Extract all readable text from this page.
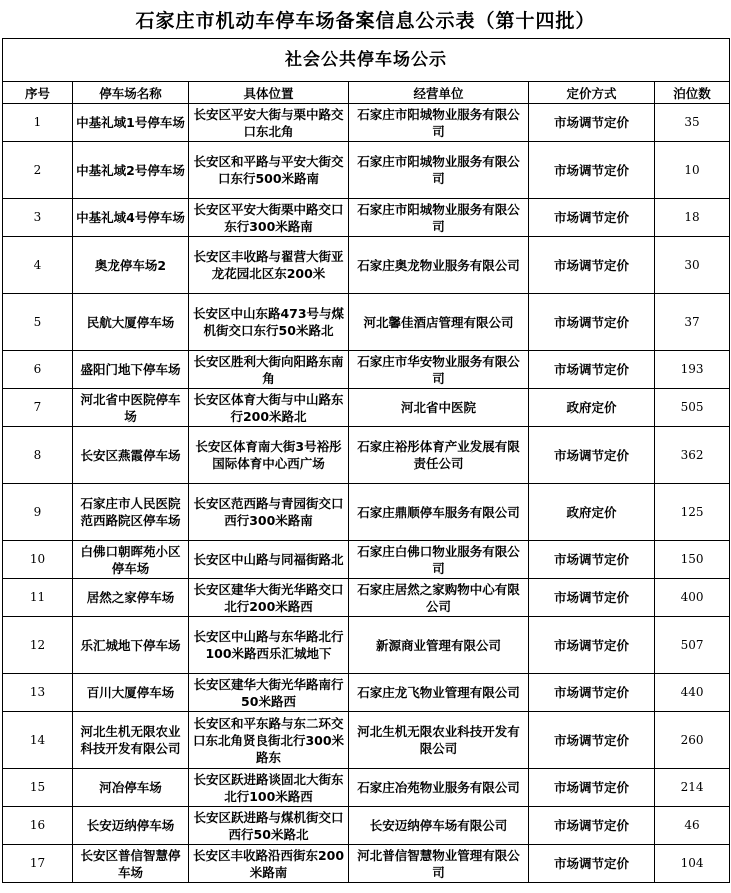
石家庄市机动车停车场备案信息公示表（第十四批）
社会公共停车场公示					
序号	停车场名称	具体位置	经营单位	定价方式	泊位数
1	中基礼域1号停车场	长安区平安大街与栗中路交口东北角	石家庄市阳城物业服务有限公司	市场调节定价	35
2	中基礼域2号停车场	长安区和平路与平安大街交口东行500米路南	石家庄市阳城物业服务有限公司	市场调节定价	10
3	中基礼域4号停车场	长安区平安大街栗中路交口东行300米路南	石家庄市阳城物业服务有限公司	市场调节定价	18
4	奥龙停车场2	长安区丰收路与翟营大街亚龙花园北区东200米	石家庄奥龙物业服务有限公司	市场调节定价	30
5	民航大厦停车场	长安区中山东路473号与煤机街交口东行50米路北	河北馨佳酒店管理有限公司	市场调节定价	37
6	盛阳门地下停车场	长安区胜利大街向阳路东南角	石家庄市华安物业服务有限公司	市场调节定价	193
7	河北省中医院停车场	长安区体育大街与中山路东行200米路北	河北省中医院	政府定价	505
8	长安区燕霞停车场	长安区体育南大街3号裕彤国际体育中心西广场	石家庄裕彤体育产业发展有限责任公司	市场调节定价	362
9	石家庄市人民医院范西路院区停车场	长安区范西路与青园街交口西行300米路南	石家庄鼎顺停车服务有限公司	政府定价	125
10	白佛口朝晖苑小区停车场	长安区中山路与同福街路北	石家庄白佛口物业服务有限公司	市场调节定价	150
11	居然之家停车场	长安区建华大街光华路交口北行200米路西	石家庄居然之家购物中心有限公司	市场调节定价	400
12	乐汇城地下停车场	长安区中山路与东华路北行100米路西乐汇城地下	新源商业管理有限公司	市场调节定价	507
13	百川大厦停车场	长安区建华大街光华路南行50米路西	石家庄龙飞物业管理有限公司	市场调节定价	440
14	河北生机无限农业科技开发有限公司	长安区和平东路与东二环交口东北角贤良街北行300米路东	河北生机无限农业科技开发有限公司	市场调节定价	260
15	河冶停车场	长安区跃进路谈固北大街东北行100米路西	石家庄冶苑物业服务有限公司	市场调节定价	214
16	长安迈纳停车场	长安区跃进路与煤机街交口西行50米路北	长安迈纳停车场有限公司	市场调节定价	46
17	长安区普信智慧停车场	长安区丰收路沿西街东200米路南	河北普信智慧物业管理有限公司	市场调节定价	104
